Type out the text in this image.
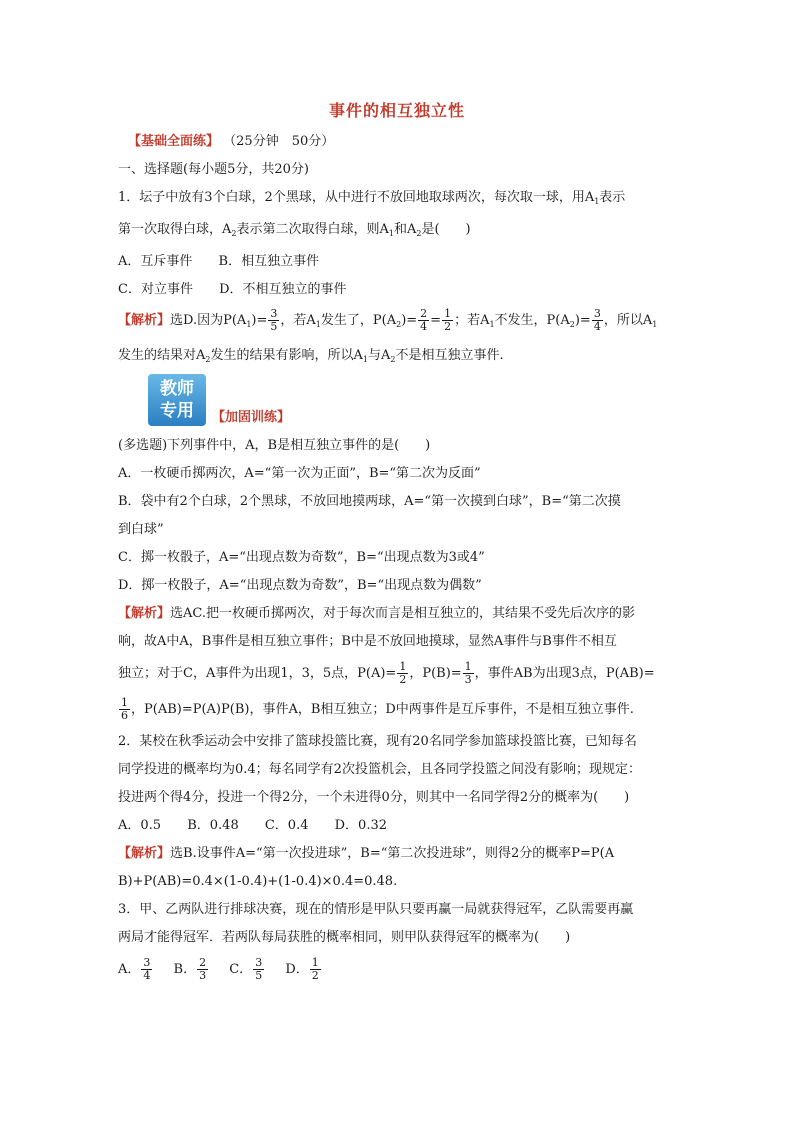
事件的相互独立性
【基础全面练】 （25分钟　50分）
一、选择题(每小题5分，共20分)
1．坛子中放有3个白球，2个黑球，从中进行不放回地取球两次，每次取一球，用$A_1$表示
第一次取得白球，$A_2$表示第二次取得白球，则$A_1$和$A_2$是(　　)
A．互斥事件 B．相互独立事件
C．对立事件 D．不相互独立的事件
【解析】选D.因为$P(A_1)= \frac{3}{5}$ ，若$A_1$发生了，$P(A_2)= \frac{2}{4} = \frac{1}{2}$ ；若$A_1$不发生，$P(A_2)= \frac{3}{4}$ ，所以$A_1$
发生的结果对$A_2$发生的结果有影响，所以$A_1$与$A_2$不是相互独立事件.
教师
专用 【加固训练】
(多选题)下列事件中，A，B是相互独立事件的是(　　)
A．一枚硬币掷两次，A=“第一次为正面”，B=“第二次为反面”
B．袋中有2个白球，2个黑球，不放回地摸两球，A=“第一次摸到白球”，B=“第二次摸
到白球”
C．掷一枚骰子，A=“出现点数为奇数”，B=“出现点数为3或4”
D．掷一枚骰子，A=“出现点数为奇数”，B=“出现点数为偶数”
【解析】选AC.把一枚硬币掷两次，对于每次而言是相互独立的，其结果不受先后次序的影
响，故A中A，B事件是相互独立事件；B中是不放回地摸球，显然A事件与B事件不相互
独立；对于C，A事件为出现1，3，5点，$P(A)= \frac{1}{2}$ ，$P(B)= \frac{1}{3}$ ，事件AB为出现3点，P(AB)=
$\frac{1}{6}$ ，P(AB)=P(A)P(B)，事件A，B相互独立；D中两事件是互斥事件，不是相互独立事件.
2．某校在秋季运动会中安排了篮球投篮比赛，现有20名同学参加篮球投篮比赛，已知每名
同学投进的概率均为0.4；每名同学有2次投篮机会，且各同学投篮之间没有影响；现规定：
投进两个得4分，投进一个得2分，一个未进得0分，则其中一名同学得2分的概率为(　　)
A．0.5 B．0.48 C．0.4 D．0.32
【解析】选B.设事件A=“第一次投进球”，B=“第二次投进球”，则得2分的概率P=P(A
B)+P(AB)=0.4×(1-0.4)+(1-0.4)×0.4=0.48.
3．甲、乙两队进行排球决赛，现在的情形是甲队只要再赢一局就获得冠军，乙队需要再赢
两局才能得冠军．若两队每局获胜的概率相同，则甲队获得冠军的概率为(　　)
A． $\frac{3}{4}$ B． $\frac{2}{3}$ C． $\frac{3}{5}$ D． $\frac{1}{2}$
